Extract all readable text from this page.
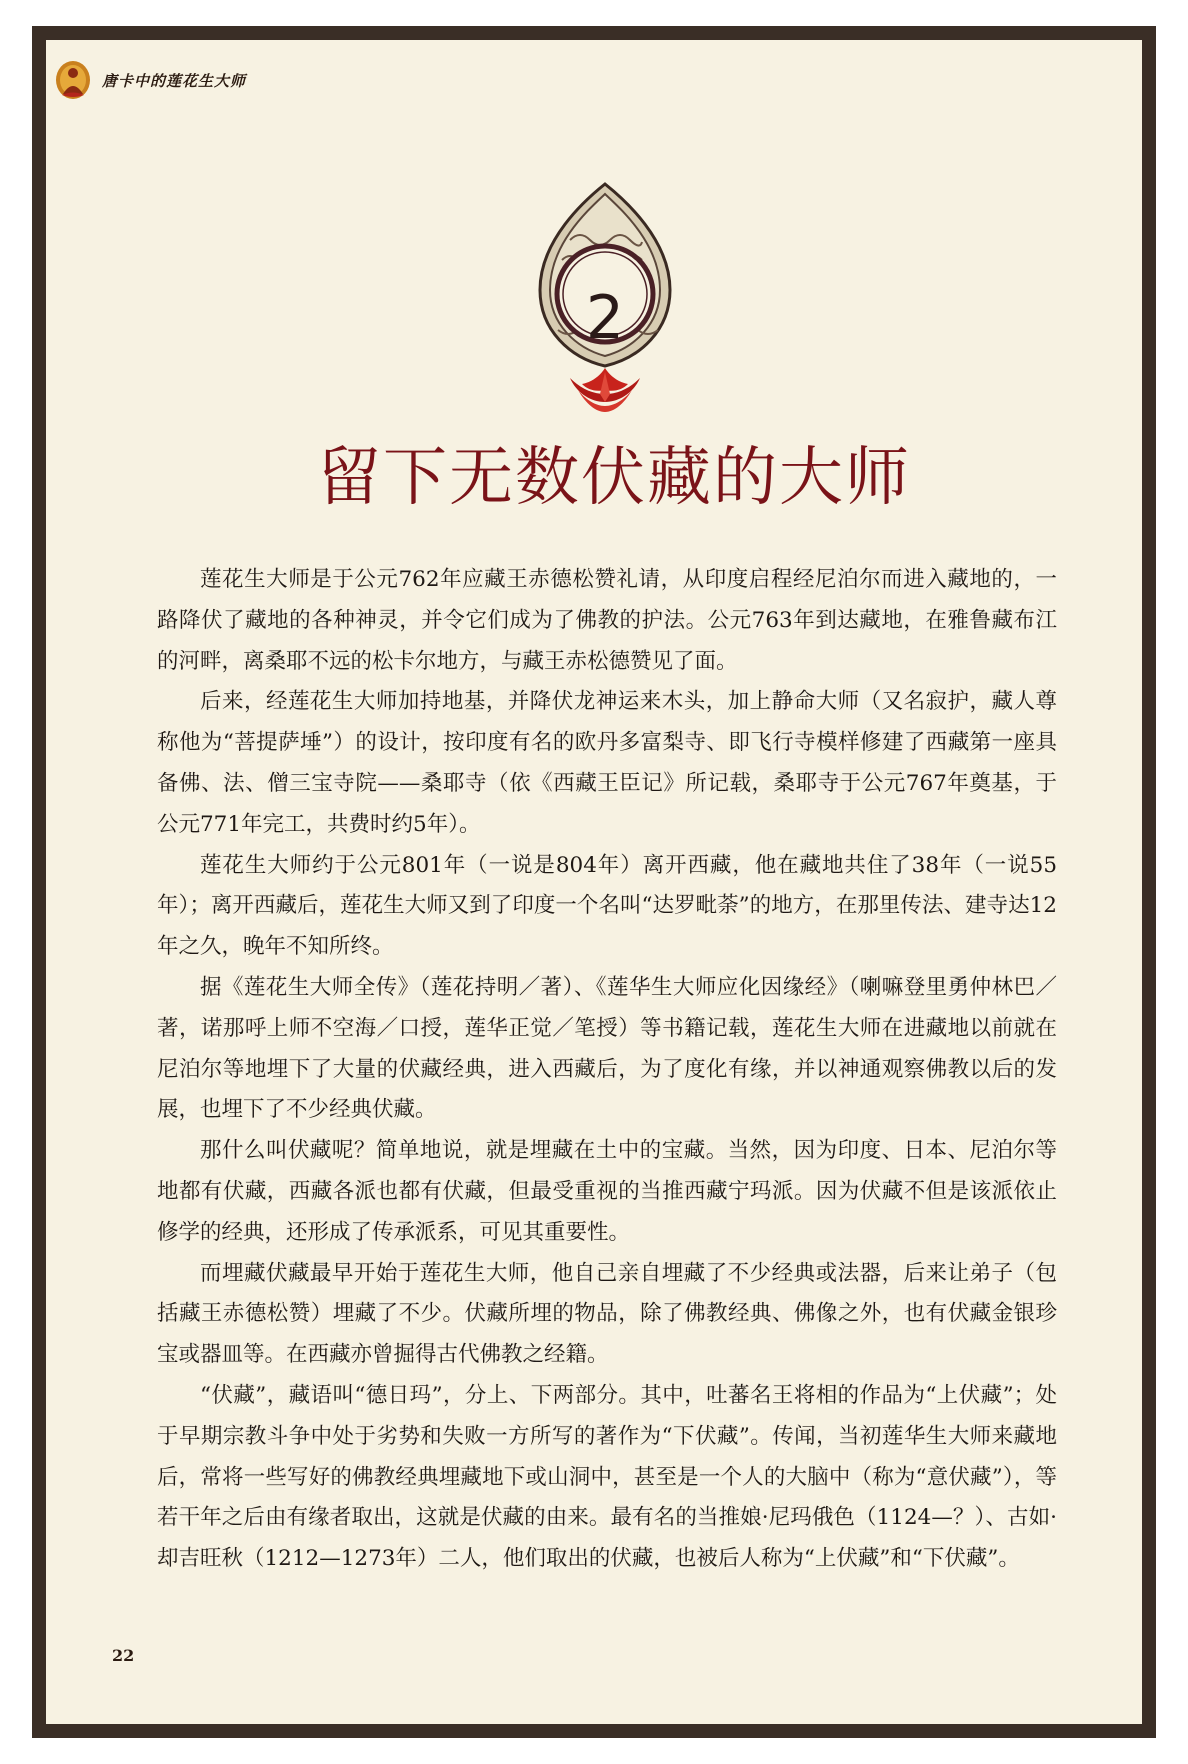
唐卡中的莲花生大师
2
留下无数伏藏的大师

莲花生大师是于公元762年应藏王赤德松赞礼请，从印度启程经尼泊尔而进入藏地的，一路降伏了藏地的各种神灵，并令它们成为了佛教的护法。公元763年到达藏地，在雅鲁藏布江的河畔，离桑耶不远的松卡尔地方，与藏王赤松德赞见了面。

后来，经莲花生大师加持地基，并降伏龙神运来木头，加上静命大师（又名寂护，藏人尊称他为“菩提萨埵”）的设计，按印度有名的欧丹多富梨寺、即飞行寺模样修建了西藏第一座具备佛、法、僧三宝寺院——桑耶寺（依《西藏王臣记》所记载，桑耶寺于公元767年奠基，于公元771年完工，共费时约5年）。

莲花生大师约于公元801年（一说是804年）离开西藏，他在藏地共住了38年（一说55年）；离开西藏后，莲花生大师又到了印度一个名叫“达罗毗荼”的地方，在那里传法、建寺达12年之久，晚年不知所终。

据《莲花生大师全传》（莲花持明／著）、《莲华生大师应化因缘经》（喇嘛登里勇仲林巴／著，诺那呼上师不空海／口授，莲华正觉／笔授）等书籍记载，莲花生大师在进藏地以前就在尼泊尔等地埋下了大量的伏藏经典，进入西藏后，为了度化有缘，并以神通观察佛教以后的发展，也埋下了不少经典伏藏。

那什么叫伏藏呢？简单地说，就是埋藏在土中的宝藏。当然，因为印度、日本、尼泊尔等地都有伏藏，西藏各派也都有伏藏，但最受重视的当推西藏宁玛派。因为伏藏不但是该派依止修学的经典，还形成了传承派系，可见其重要性。

而埋藏伏藏最早开始于莲花生大师，他自己亲自埋藏了不少经典或法器，后来让弟子（包括藏王赤德松赞）埋藏了不少。伏藏所埋的物品，除了佛教经典、佛像之外，也有伏藏金银珍宝或器皿等。在西藏亦曾掘得古代佛教之经籍。

“伏藏”，藏语叫“德日玛”，分上、下两部分。其中，吐蕃名王将相的作品为“上伏藏”；处于早期宗教斗争中处于劣势和失败一方所写的著作为“下伏藏”。传闻，当初莲华生大师来藏地后，常将一些写好的佛教经典埋藏地下或山洞中，甚至是一个人的大脑中（称为“意伏藏”），等若干年之后由有缘者取出，这就是伏藏的由来。最有名的当推娘·尼玛俄色（1124—？）、古如·却吉旺秋（1212—1273年）二人，他们取出的伏藏，也被后人称为“上伏藏”和“下伏藏”。

22
